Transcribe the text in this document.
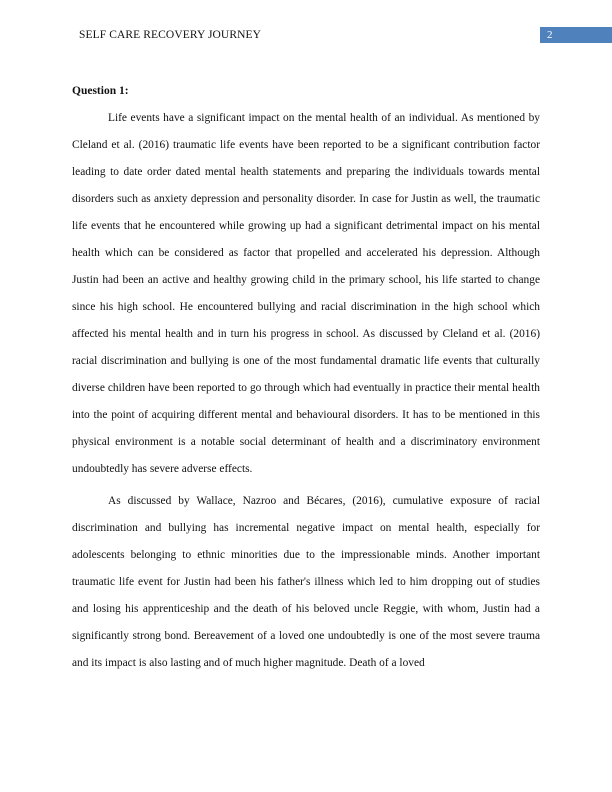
SELF CARE RECOVERY JOURNEY	2

Question 1:

Life events have a significant impact on the mental health of an individual. As mentioned by Cleland et al. (2016) traumatic life events have been reported to be a significant contribution factor leading to date order dated mental health statements and preparing the individuals towards mental disorders such as anxiety depression and personality disorder. In case for Justin as well, the traumatic life events that he encountered while growing up had a significant detrimental impact on his mental health which can be considered as factor that propelled and accelerated his depression. Although Justin had been an active and healthy growing child in the primary school, his life started to change since his high school. He encountered bullying and racial discrimination in the high school which affected his mental health and in turn his progress in school. As discussed by Cleland et al. (2016) racial discrimination and bullying is one of the most fundamental dramatic life events that culturally diverse children have been reported to go through which had eventually in practice their mental health into the point of acquiring different mental and behavioural disorders. It has to be mentioned in this physical environment is a notable social determinant of health and a discriminatory environment undoubtedly has severe adverse effects.

As discussed by Wallace, Nazroo and Bécares, (2016), cumulative exposure of racial discrimination and bullying has incremental negative impact on mental health, especially for adolescents belonging to ethnic minorities due to the impressionable minds. Another important traumatic life event for Justin had been his father's illness which led to him dropping out of studies and losing his apprenticeship and the death of his beloved uncle Reggie, with whom, Justin had a significantly strong bond. Bereavement of a loved one undoubtedly is one of the most severe trauma and its impact is also lasting and of much higher magnitude. Death of a loved
